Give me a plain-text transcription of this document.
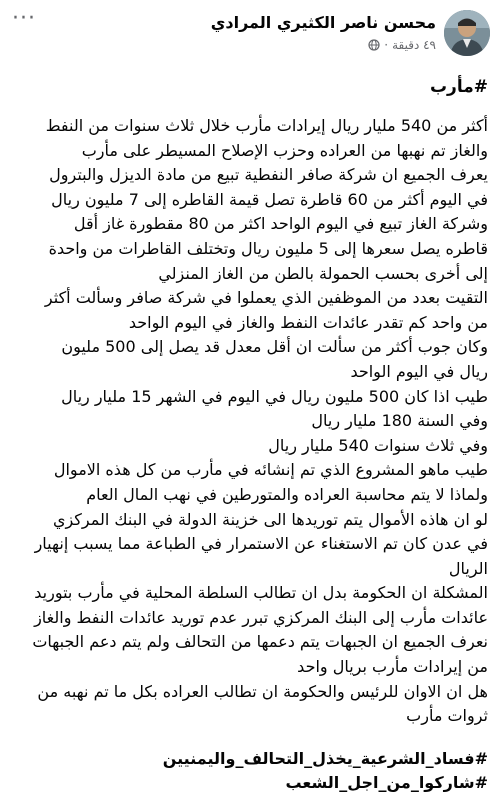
محسن ناصر الكثيري المرادي
٤٩ دقيقة
·
···
#مأرب
أكثر من 540 مليار ريال إيرادات مأرب خلال ثلاث سنوات من النفط
والغاز تم نهبها من العراده وحزب الإصلاح المسيطر على مأرب
يعرف الجميع ان شركة صافر النفطية تبيع من مادة الديزل والبترول
في اليوم أكثر من 60 قاطرة تصل قيمة القاطره إلى 7 مليون ريال
وشركة الغاز تبيع في اليوم الواحد اكثر من 80 مقطورة غاز أقل
قاطره يصل سعرها إلى 5 مليون ريال وتختلف القاطرات من واحدة
إلى أخرى بحسب الحمولة بالطن من الغاز المنزلي
التقيت بعدد من الموظفين الذي يعملوا في شركة صافر وسألت أكثر
من واحد كم تقدر عائدات النفط والغاز في اليوم الواحد
وكان جوب أكثر من سألت ان أقل معدل قد يصل إلى 500 مليون
ريال في اليوم الواحد
طيب اذا كان 500 مليون ريال في اليوم في الشهر 15 مليار ريال
وفي السنة 180 مليار ريال
وفي ثلاث سنوات 540 مليار ريال
طيب ماهو المشروع الذي تم إنشائه في مأرب من كل هذه الاموال
ولماذا لا يتم محاسبة العراده والمتورطين في نهب المال العام
لو ان هاذه الأموال يتم توريدها الى خزينة الدولة في البنك المركزي
في عدن كان تم الاستغناء عن الاستمرار في الطباعة مما يسبب إنهيار
الريال
المشكلة ان الحكومة بدل ان تطالب السلطة المحلية في مأرب بتوريد
عائدات مأرب إلى البنك المركزي تبرر عدم توريد عائدات النفط والغاز
نعرف الجميع ان الجبهات يتم دعمها من التحالف ولم يتم دعم الجبهات
من إيرادات مأرب بريال واحد
هل ان الاوان للرئيس والحكومة ان تطالب العراده بكل ما تم نهبه من
ثروات مأرب
#فساد_الشرعية_يخذل_التحالف_واليمنيين
#شاركوا_من_اجل_الشعب
